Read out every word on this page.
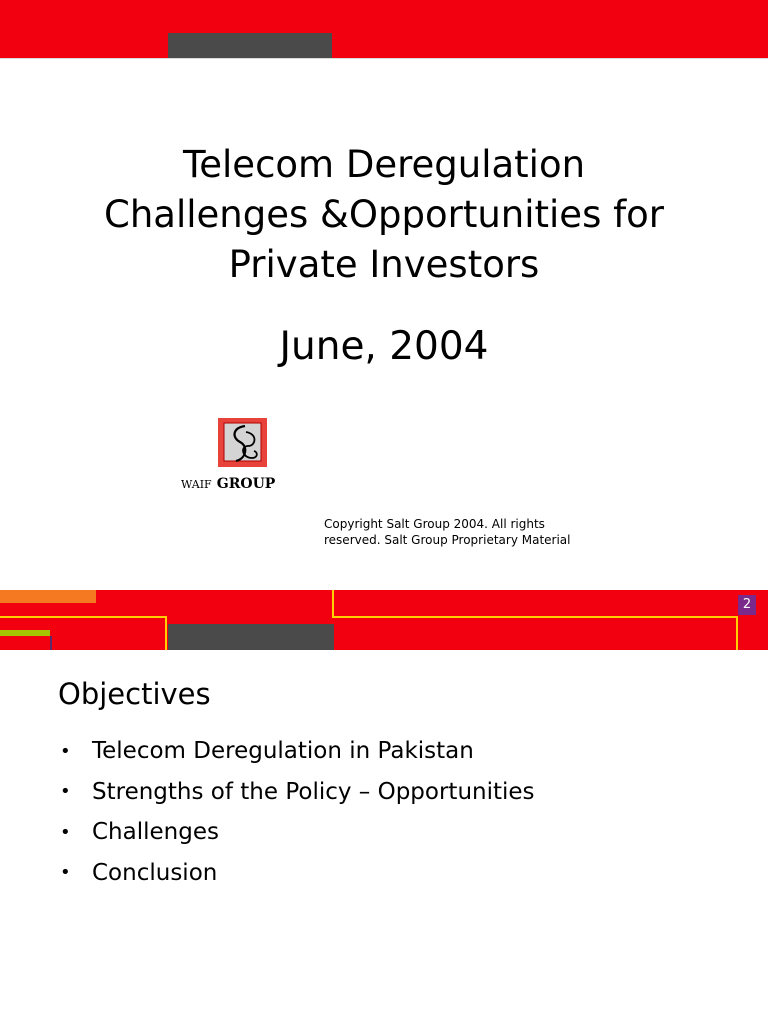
Telecom Deregulation
Challenges &Opportunities for
Private Investors
June, 2004
WAIF GROUP
Copyright Salt Group 2004. All rights
reserved. Salt Group Proprietary Material
2
Objectives
• Telecom Deregulation in Pakistan
• Strengths of the Policy – Opportunities
• Challenges
• Conclusion
